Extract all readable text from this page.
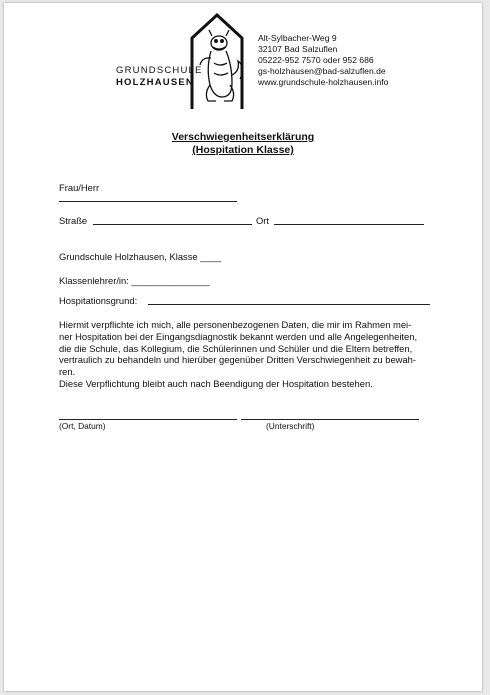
GRUNDSCHULE
HOLZHAUSEN
Alt-Sylbacher-Weg 9
32107 Bad Salzuflen
05222-952 7570 oder 952 686
gs-holzhausen@bad-salzuflen.de
www.grundschule-holzhausen.info
Verschwiegenheitserklärung
(Hospitation Klasse)
Frau/Herr
Straße	Ort
Grundschule Holzhausen, Klasse ____
Klassenlehrer/in: _______________
Hospitationsgrund:
Hiermit verpflichte ich mich, alle personenbezogenen Daten, die mir im Rahmen mei-
ner Hospitation bei der Eingangsdiagnostik bekannt werden und alle Angelegenheiten,
die die Schule, das Kollegium, die Schülerinnen und Schüler und die Eltern betreffen,
vertraulich zu behandeln und hierüber gegenüber Dritten Verschwiegenheit zu bewah-
ren.
Diese Verpflichtung bleibt auch nach Beendigung der Hospitation bestehen.
(Ort, Datum)	(Unterschrift)
